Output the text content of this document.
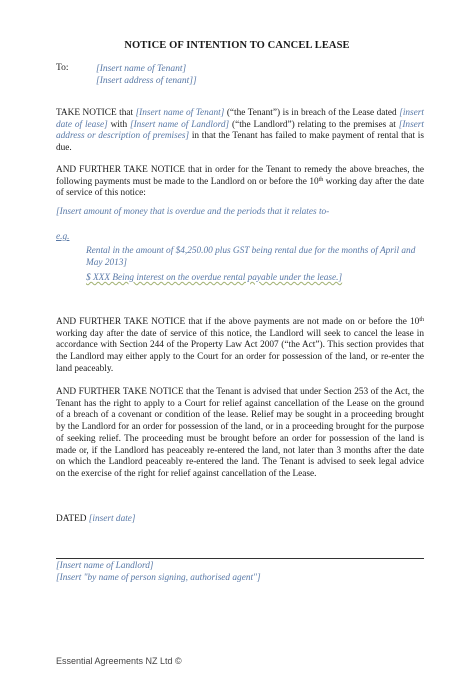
NOTICE OF INTENTION TO CANCEL LEASE
To:	[Insert name of Tenant]
[Insert address of tenant]]
TAKE NOTICE that [Insert name of Tenant] (“the Tenant”) is in breach of the Lease dated [insert date of lease] with [Insert name of Landlord] (“the Landlord”) relating to the premises at [Insert address or description of premises] in that the Tenant has failed to make payment of rental that is due.
AND FURTHER TAKE NOTICE that in order for the Tenant to remedy the above breaches, the following payments must be made to the Landlord on or before the 10th working day after the date of service of this notice:
[Insert amount of money that is overdue and the periods that it relates to-
e.g.
Rental in the amount of $4,250.00 plus GST being rental due for the months of April and May 2013]
$ XXX Being interest on the overdue rental payable under the lease.]
AND FURTHER TAKE NOTICE that if the above payments are not made on or before the 10th working day after the date of service of this notice, the Landlord will seek to cancel the lease in accordance with Section 244 of the Property Law Act 2007 (“the Act”). This section provides that the Landlord may either apply to the Court for an order for possession of the land, or re-enter the land peaceably.
AND FURTHER TAKE NOTICE that the Tenant is advised that under Section 253 of the Act, the Tenant has the right to apply to a Court for relief against cancellation of the Lease on the ground of a breach of a covenant or condition of the lease. Relief may be sought in a proceeding brought by the Landlord for an order for possession of the land, or in a proceeding brought for the purpose of seeking relief. The proceeding must be brought before an order for possession of the land is made or, if the Landlord has peaceably re-entered the land, not later than 3 months after the date on which the Landlord peaceably re-entered the land. The Tenant is advised to seek legal advice on the exercise of the right for relief against cancellation of the Lease.
DATED [insert date]
[Insert name of Landlord]
[Insert "by name of person signing, authorised agent"]
Essential Agreements NZ Ltd ©
